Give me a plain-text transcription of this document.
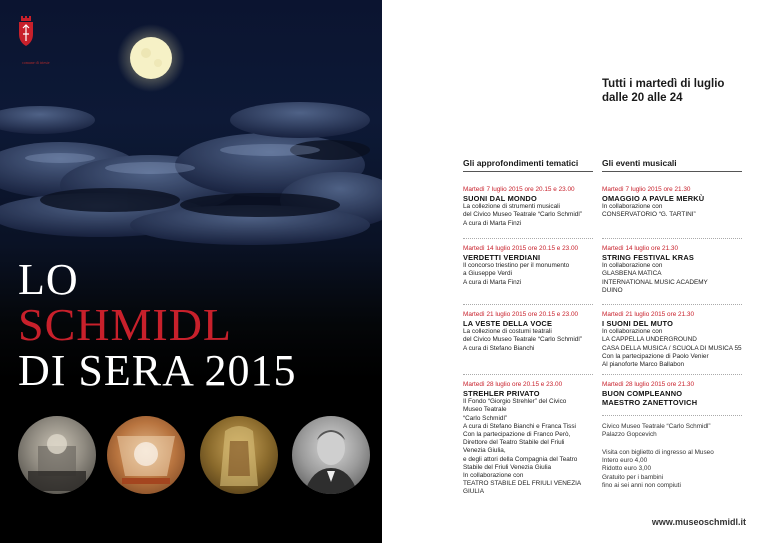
comune di trieste
LO
SCHMIDL
DI SERA 2015
Tutti i martedì di luglio
dalle 20 alle 24
Gli approfondimenti tematici	Gli eventi musicali
Martedì 7 luglio 2015 ore 20.15 e 23.00
SUONI DAL MONDO
La collezione di strumenti musicali
del Civico Museo Teatrale “Carlo Schmidl”
A cura di Marta Finzi
Martedì 14 luglio 2015 ore 20.15 e 23.00
VERDETTI VERDIANI
Il concorso triestino per il monumento
a Giuseppe Verdi
A cura di Marta Finzi
Martedì 21 luglio 2015 ore 20.15 e 23.00
LA VESTE DELLA VOCE
La collezione di costumi teatrali
del Civico Museo Teatrale “Carlo Schmidl”
A cura di Stefano Bianchi
Martedì 28 luglio ore 20.15 e 23.00
STREHLER PRIVATO
Il Fondo “Giorgio Strehler” del Civico
Museo Teatrale
“Carlo Schmidl”
A cura di Stefano Bianchi e Franca Tissi
Con la partecipazione di Franco Però,
Direttore del Teatro Stabile del Friuli
Venezia Giulia,
e degli attori della Compagnia del Teatro
Stabile del Friuli Venezia Giulia
In collaborazione con
TEATRO STABILE DEL FRIULI VENEZIA
GIULIA
Martedì 7 luglio 2015 ore 21.30
OMAGGIO A PAVLE MERKÙ
In collaborazione con
CONSERVATORIO “G. TARTINI”
Martedì 14 luglio ore 21.30
STRING FESTIVAL KRAS
In collaborazione con
GLASBENA MATICA
INTERNATIONAL MUSIC ACADEMY
DUINO
Martedì 21 luglio 2015 ore 21.30
I SUONI DEL MUTO
In collaborazione con
LA CAPPELLA UNDERGROUND
CASA DELLA MUSICA / SCUOLA DI MUSICA 55
Con la partecipazione di Paolo Venier
Al pianoforte Marco Ballabon
Martedì 28 luglio 2015 ore 21.30
BUON COMPLEANNO
MAESTRO ZANETTOVICH
Civico Museo Teatrale “Carlo Schmidl”
Palazzo Gopcevich
Visita con biglietto di ingresso al Museo
Intero euro 4,00
Ridotto euro 3,00
Gratuito per i bambini
fino ai sei anni non compiuti
www.museoschmidl.it
